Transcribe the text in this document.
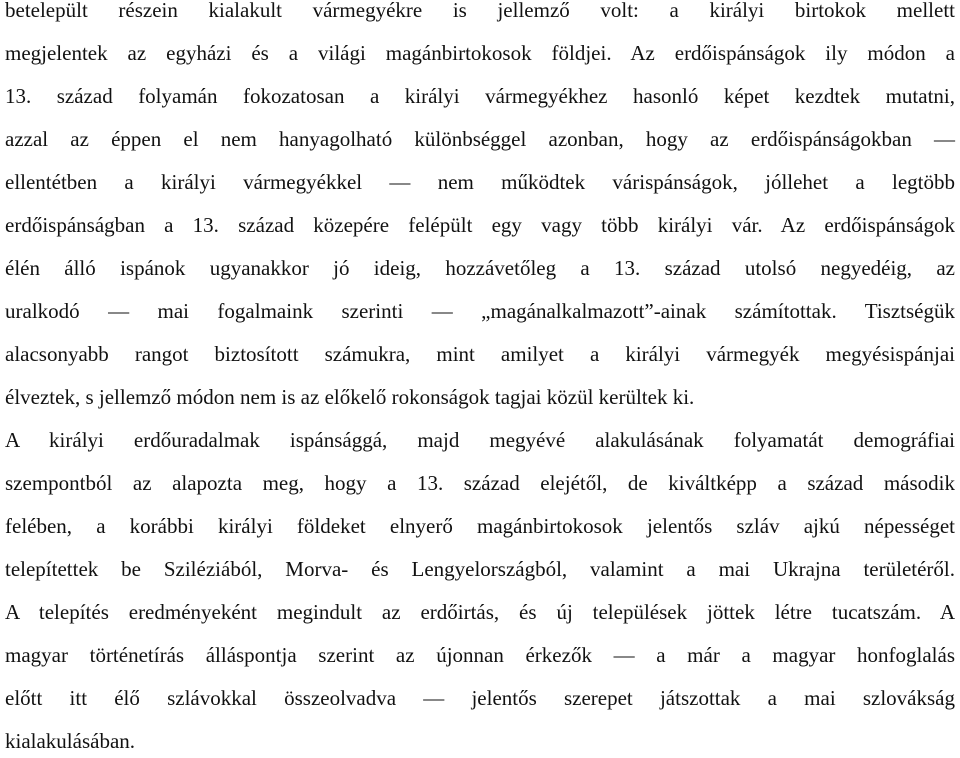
betelepült részein kialakult vármegyékre is jellemző volt: a királyi birtokok mellett
megjelentek az egyházi és a világi magánbirtokosok földjei. Az erdőispánságok ily módon a
13. század folyamán fokozatosan a királyi vármegyékhez hasonló képet kezdtek mutatni,
azzal az éppen el nem hanyagolható különbséggel azonban, hogy az erdőispánságokban —
ellentétben a királyi vármegyékkel — nem működtek várispánságok, jóllehet a legtöbb
erdőispánságban a 13. század közepére felépült egy vagy több királyi vár. Az erdőispánságok
élén álló ispánok ugyanakkor jó ideig, hozzávetőleg a 13. század utolsó negyedéig, az
uralkodó — mai fogalmaink szerinti — „magánalkalmazott”-ainak számítottak. Tisztségük
alacsonyabb rangot biztosított számukra, mint amilyet a királyi vármegyék megyésispánjai
élveztek, s jellemző módon nem is az előkelő rokonságok tagjai közül kerültek ki.
A királyi erdőuradalmak ispánsággá, majd megyévé alakulásának folyamatát demográfiai
szempontból az alapozta meg, hogy a 13. század elejétől, de kiváltképp a század második
felében, a korábbi királyi földeket elnyerő magánbirtokosok jelentős szláv ajkú népességet
telepítettek be Sziléziából, Morva- és Lengyelországból, valamint a mai Ukrajna területéről.
A telepítés eredményeként megindult az erdőirtás, és új települések jöttek létre tucatszám. A
magyar történetírás álláspontja szerint az újonnan érkezők — a már a magyar honfoglalás
előtt itt élő szlávokkal összeolvadva — jelentős szerepet játszottak a mai szlovákság
kialakulásában.
